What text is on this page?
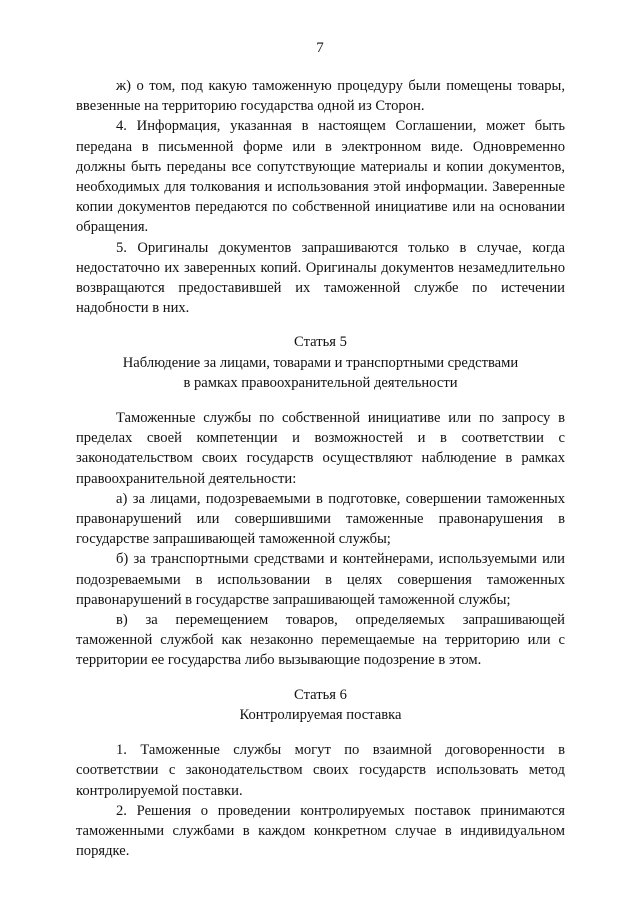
7

ж) о том, под какую таможенную процедуру были помещены товары, ввезенные на территорию государства одной из Сторон.

4. Информация, указанная в настоящем Соглашении, может быть передана в письменной форме или в электронном виде. Одновременно должны быть переданы все сопутствующие материалы и копии документов, необходимых для толкования и использования этой информации. Заверенные копии документов передаются по собственной инициативе или на основании обращения.

5. Оригиналы документов запрашиваются только в случае, когда недостаточно их заверенных копий. Оригиналы документов незамедлительно возвращаются предоставившей их таможенной службе по истечении надобности в них.

Статья 5

Наблюдение за лицами, товарами и транспортными средствами

в рамках правоохранительной деятельности

Таможенные службы по собственной инициативе или по запросу в пределах своей компетенции и возможностей и в соответствии с законодательством своих государств осуществляют наблюдение в рамках правоохранительной деятельности:

а) за лицами, подозреваемыми в подготовке, совершении таможенных правонарушений или совершившими таможенные правонарушения в государстве запрашивающей таможенной службы;

б) за транспортными средствами и контейнерами, используемыми или подозреваемыми в использовании в целях совершения таможенных правонарушений в государстве запрашивающей таможенной службы;

в) за перемещением товаров, определяемых запрашивающей таможенной службой как незаконно перемещаемые на территорию или с территории ее государства либо вызывающие подозрение в этом.

Статья 6

Контролируемая поставка

1. Таможенные службы могут по взаимной договоренности в соответствии с законодательством своих государств использовать метод контролируемой поставки.

2. Решения о проведении контролируемых поставок принимаются таможенными службами в каждом конкретном случае в индивидуальном порядке.
